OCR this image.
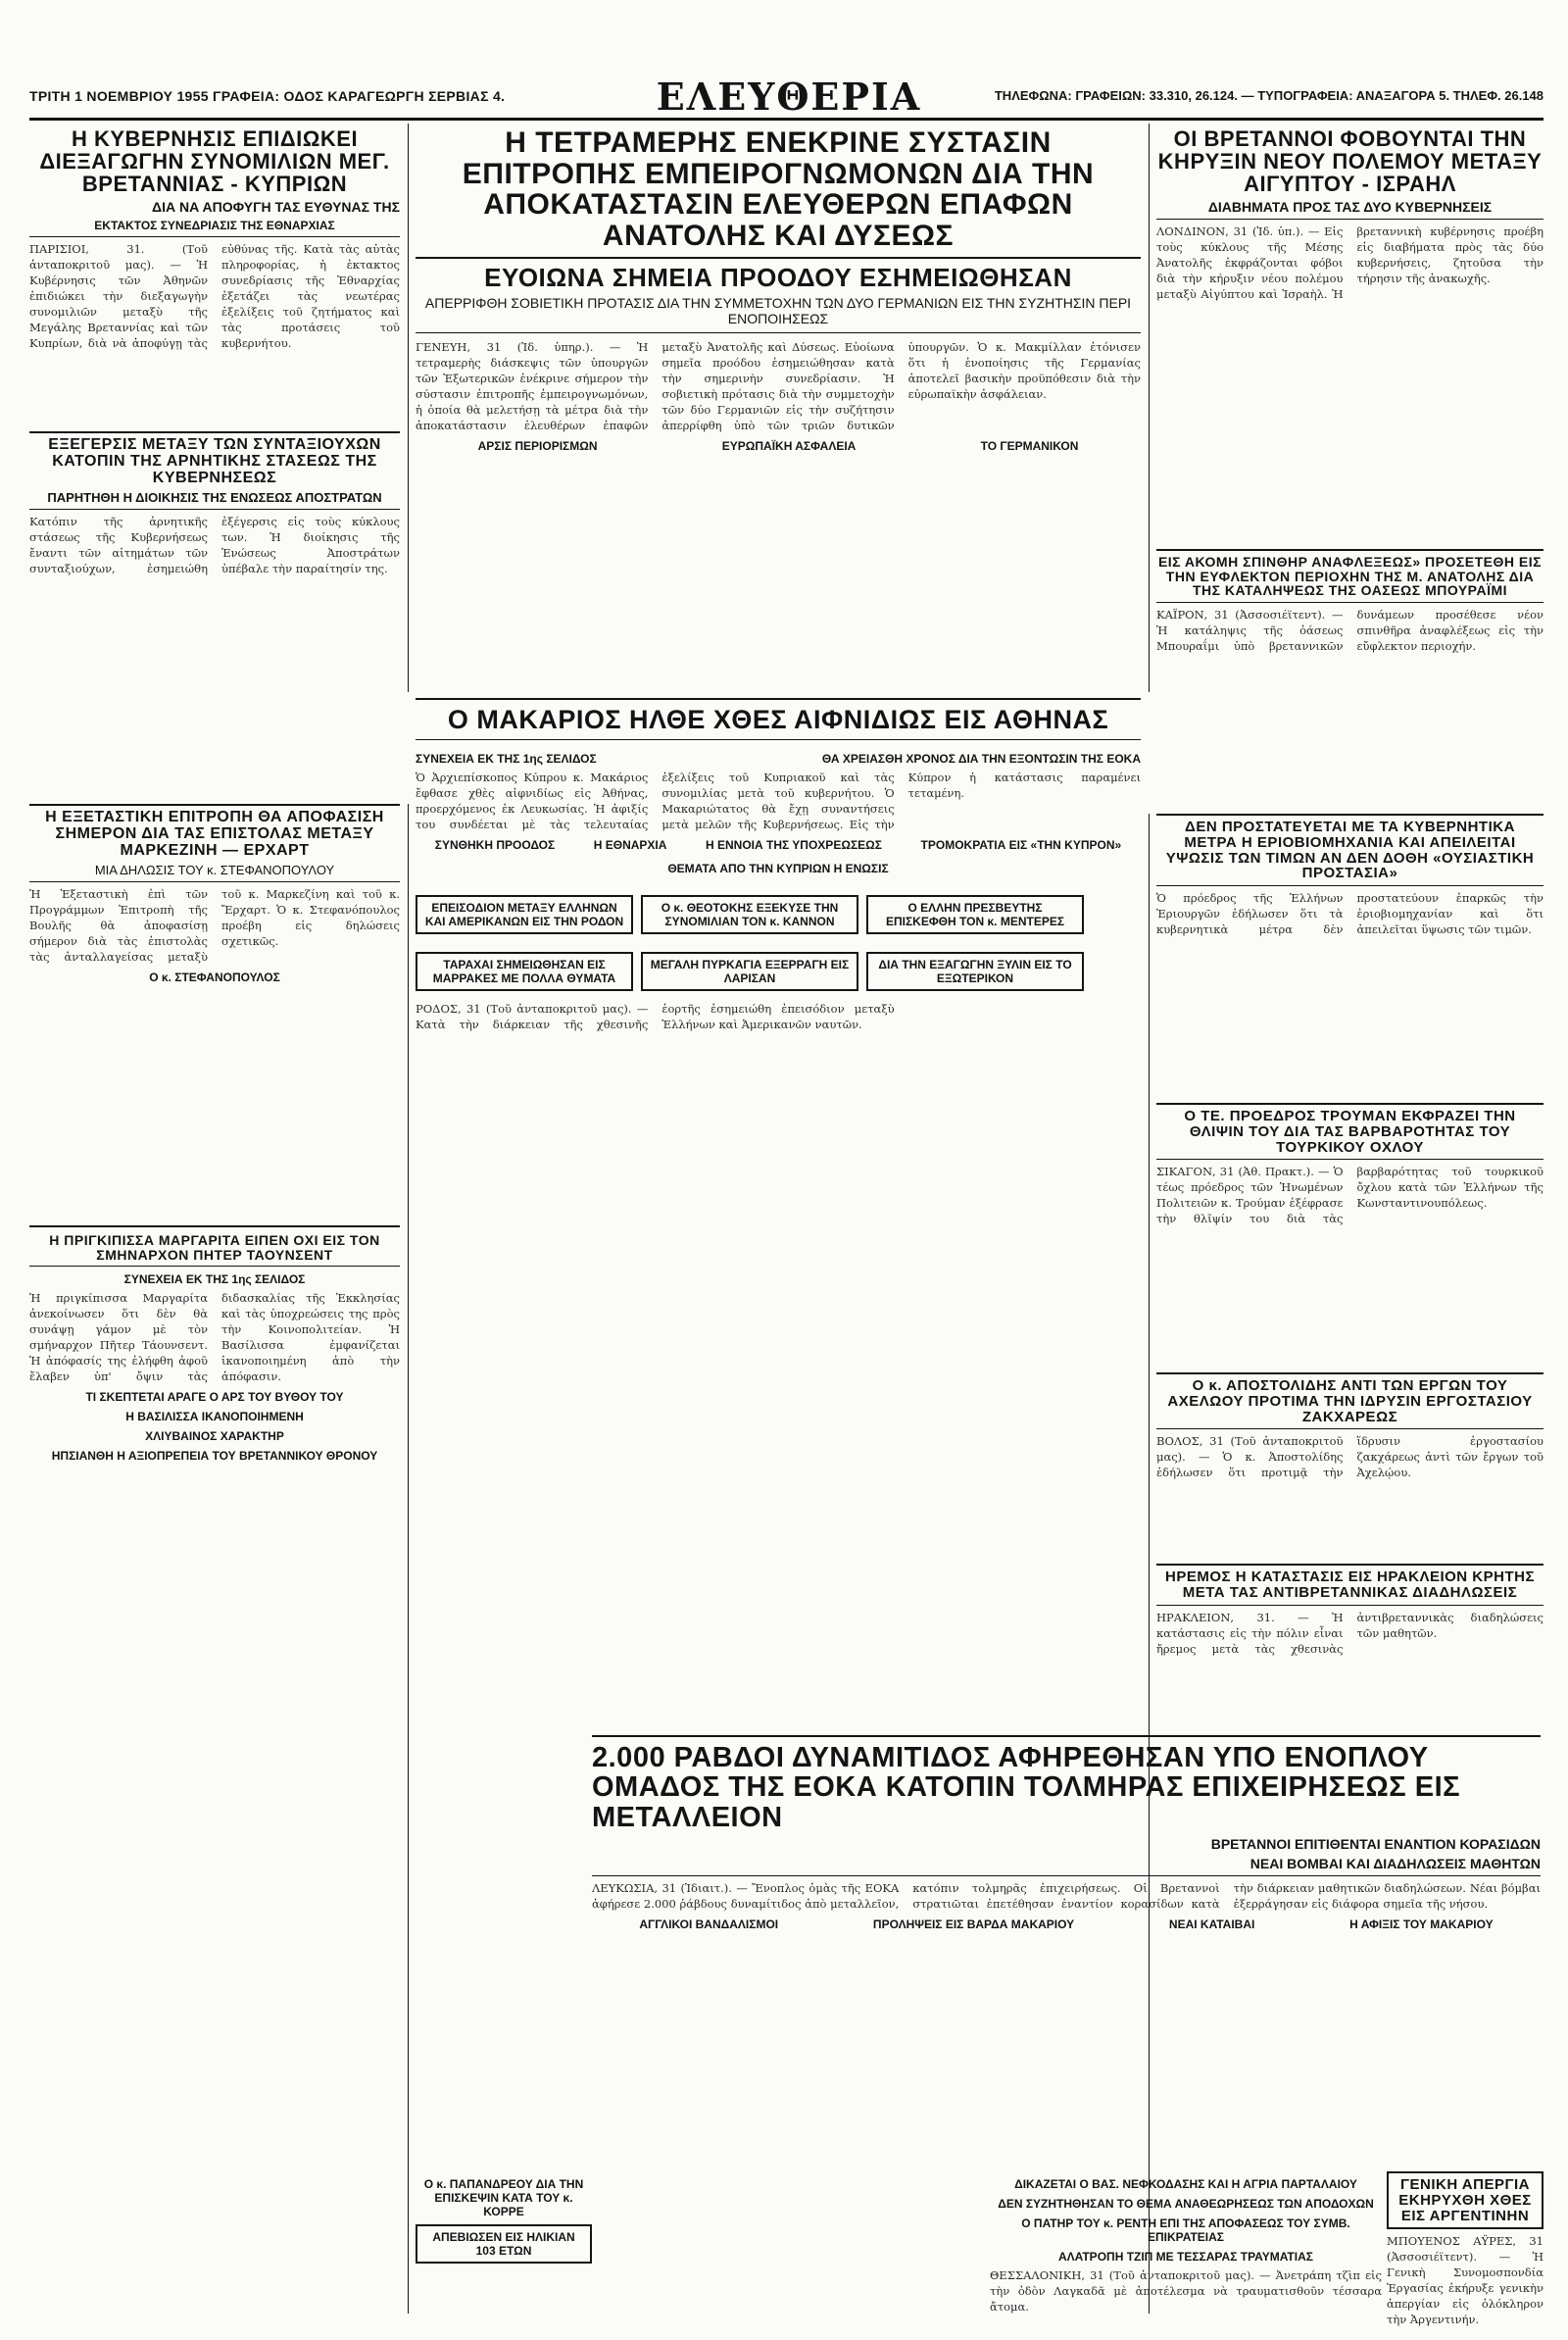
ΤΡΙΤΗ 1 ΝΟΕΜΒΡΙΟΥ 1955 ΓΡΑΦΕΙΑ: ΟΔΟΣ ΚΑΡΑΓΕΩΡΓΗ ΣΕΡΒΙΑΣ 4.	ΕΛΕΥΘΕΡΙΑ	ΤΗΛΕΦΩΝΑ: ΓΡΑΦΕΙΩΝ: 33.310, 26.124. — ΤΥΠΟΓΡΑΦΕΙΑ: ΑΝΑΞΑΓΟΡΑ 5. ΤΗΛΕΦ. 26.148
Η ΚΥΒΕΡΝΗΣΙΣ ΕΠΙΔΙΩΚΕΙ ΔΙΕΞΑΓΩΓΗΝ ΣΥΝΟΜΙΛΙΩΝ ΜΕΓ. ΒΡΕΤΑΝΝΙΑΣ - ΚΥΠΡΙΩΝ
ΔΙΑ ΝΑ ΑΠΟΦΥΓΗ ΤΑΣ ΕΥΘΥΝΑΣ ΤΗΣ
ΕΚΤΑΚΤΟΣ ΣΥΝΕΔΡΙΑΣΙΣ ΤΗΣ ΕΘΝΑΡΧΙΑΣ
ΠΑΡΙΣΙΟΙ, 31. (Τοῦ ἀνταποκριτοῦ μας). — Ἡ Κυβέρνησις τῶν Ἀθηνῶν ἐπιδιώκει τὴν διεξαγωγὴν συνομιλιῶν μεταξὺ τῆς Μεγάλης Βρεταννίας καὶ τῶν Κυπρίων, διὰ νὰ ἀποφύγῃ τὰς εὐθύνας τῆς. Κατὰ τὰς αὐτὰς πληροφορίας, ἡ ἐκτακτος συνεδρίασις τῆς Ἐθναρχίας ἐξετάζει τὰς νεωτέρας ἐξελίξεις τοῦ ζητήματος καὶ τὰς προτάσεις τοῦ κυβερνήτου.
ΕΞΕΓΕΡΣΙΣ ΜΕΤΑΞΥ ΤΩΝ ΣΥΝΤΑΞΙΟΥΧΩΝ ΚΑΤΟΠΙΝ ΤΗΣ ΑΡΝΗΤΙΚΗΣ ΣΤΑΣΕΩΣ ΤΗΣ ΚΥΒΕΡΝΗΣΕΩΣ
ΠΑΡΗΤΗΘΗ Η ΔΙΟΙΚΗΣΙΣ ΤΗΣ ΕΝΩΣΕΩΣ ΑΠΟΣΤΡΑΤΩΝ
Κατόπιν τῆς ἀρνητικῆς στάσεως τῆς Κυβερνήσεως ἔναντι τῶν αἰτημάτων τῶν συνταξιούχων, ἐσημειώθη ἐξέγερσις εἰς τοὺς κύκλους των. Ἡ διοίκησις τῆς Ἑνώσεως Ἀποστράτων ὑπέβαλε τὴν παραίτησίν της.
Η ΕΞΕΤΑΣΤΙΚΗ ΕΠΙΤΡΟΠΗ ΘΑ ΑΠΟΦΑΣΙΣΗ ΣΗΜΕΡΟΝ ΔΙΑ ΤΑΣ ΕΠΙΣΤΟΛΑΣ ΜΕΤΑΞΥ ΜΑΡΚΕΖΙΝΗ — ΕΡΧΑΡΤ
ΜΙΑ ΔΗΛΩΣΙΣ ΤΟΥ κ. ΣΤΕΦΑΝΟΠΟΥΛΟΥ
Ἡ Ἐξεταστικὴ ἐπὶ τῶν Προγράμμων Ἐπιτροπὴ τῆς Βουλῆς θὰ ἀποφασίσῃ σήμερον διὰ τὰς ἐπιστολὰς τὰς ἀνταλλαγείσας μεταξὺ τοῦ κ. Μαρκεζίνη καὶ τοῦ κ. Ἔρχαρτ. Ὁ κ. Στεφανόπουλος προέβη εἰς δηλώσεις σχετικῶς.
Ο κ. ΣΤΕΦΑΝΟΠΟΥΛΟΣ
Η ΠΡΙΓΚΙΠΙΣΣΑ ΜΑΡΓΑΡΙΤΑ ΕΙΠΕΝ ΟΧΙ ΕΙΣ ΤΟΝ ΣΜΗΝΑΡΧΟΝ ΠΗΤΕΡ ΤΑΟΥΝΣΕΝΤ
ΣΥΝΕΧΕΙΑ ΕΚ ΤΗΣ 1ης ΣΕΛΙΔΟΣ
Ἡ πριγκίπισσα Μαργαρίτα ἀνεκοίνωσεν ὅτι δὲν θὰ συνάψῃ γάμον μὲ τὸν σμήναρχον Πῆτερ Τάουνσεντ. Ἡ ἀπόφασίς της ἐλήφθη ἀφοῦ ἔλαβεν ὑπ' ὄψιν τὰς διδασκαλίας τῆς Ἐκκλησίας καὶ τὰς ὑποχρεώσεις της πρὸς τὴν Κοινοπολιτείαν. Ἡ Βασίλισσα ἐμφανίζεται ἱκανοποιημένη ἀπὸ τὴν ἀπόφασιν.
ΤΙ ΣΚΕΠΤΕΤΑΙ ΑΡΑΓΕ Ο ΑΡΣ ΤΟΥ ΒΥΘΟΥ ΤΟΥ
Η ΒΑΣΙΛΙΣΣΑ ΙΚΑΝΟΠΟΙΗΜΕΝΗ
ΧΛΙΥΒΑΙΝΟΣ ΧΑΡΑΚΤΗΡ
ΗΠΣΙΑΝΘΗ Η ΑΞΙΟΠΡΕΠΕΙΑ ΤΟΥ ΒΡΕΤΑΝΝΙΚΟΥ ΘΡΟΝΟΥ
Η ΤΕΤΡΑΜΕΡΗΣ ΕΝΕΚΡΙΝΕ ΣΥΣΤΑΣΙΝ ΕΠΙΤΡΟΠΗΣ ΕΜΠΕΙΡΟΓΝΩΜΟΝΩΝ ΔΙΑ ΤΗΝ ΑΠΟΚΑΤΑΣΤΑΣΙΝ ΕΛΕΥΘΕΡΩΝ ΕΠΑΦΩΝ ΑΝΑΤΟΛΗΣ ΚΑΙ ΔΥΣΕΩΣ
ΕΥΟΙΩΝΑ ΣΗΜΕΙΑ ΠΡΟΟΔΟΥ ΕΣΗΜΕΙΩΘΗΣΑΝ
ΑΠΕΡΡΙΦΘΗ ΣΟΒΙΕΤΙΚΗ ΠΡΟΤΑΣΙΣ ΔΙΑ ΤΗΝ ΣΥΜΜΕΤΟΧΗΝ ΤΩΝ ΔΥΟ ΓΕΡΜΑΝΙΩΝ ΕΙΣ ΤΗΝ ΣΥΖΗΤΗΣΙΝ ΠΕΡΙ ΕΝΟΠΟΙΗΣΕΩΣ
ΓΕΝΕΥΗ, 31 (Ἰδ. ὑπηρ.). — Ἡ τετραμερὴς διάσκεψις τῶν ὑπουργῶν τῶν Ἐξωτερικῶν ἐνέκρινε σήμερον τὴν σύστασιν ἐπιτροπῆς ἐμπειρογνωμόνων, ἡ ὁποία θὰ μελετήσῃ τὰ μέτρα διὰ τὴν ἀποκατάστασιν ἐλευθέρων ἐπαφῶν μεταξὺ Ἀνατολῆς καὶ Δύσεως. Εὐοίωνα σημεῖα προόδου ἐσημειώθησαν κατὰ τὴν σημερινὴν συνεδρίασιν. Ἡ σοβιετικὴ πρότασις διὰ τὴν συμμετοχὴν τῶν δύο Γερμανιῶν εἰς τὴν συζήτησιν ἀπερρίφθη ὑπὸ τῶν τριῶν δυτικῶν ὑπουργῶν. Ὁ κ. Μακμίλλαν ἐτόνισεν ὅτι ἡ ἑνοποίησις τῆς Γερμανίας ἀποτελεῖ βασικὴν προϋπόθεσιν διὰ τὴν εὐρωπαϊκὴν ἀσφάλειαν.
ΑΡΣΙΣ ΠΕΡΙΟΡΙΣΜΩΝ	ΕΥΡΩΠΑΪΚΗ ΑΣΦΑΛΕΙΑ	ΤΟ ΓΕΡΜΑΝΙΚΟΝ
ΟΙ ΒΡΕΤΑΝΝΟΙ ΦΟΒΟΥΝΤΑΙ ΤΗΝ ΚΗΡΥΞΙΝ ΝΕΟΥ ΠΟΛΕΜΟΥ ΜΕΤΑΞΥ ΑΙΓΥΠΤΟΥ - ΙΣΡΑΗΛ
ΔΙΑΒΗΜΑΤΑ ΠΡΟΣ ΤΑΣ ΔΥΟ ΚΥΒΕΡΝΗΣΕΙΣ
ΛΟΝΔΙΝΟΝ, 31 (Ἰδ. ὑπ.). — Εἰς τοὺς κύκλους τῆς Μέσης Ἀνατολῆς ἐκφράζονται φόβοι διὰ τὴν κήρυξιν νέου πολέμου μεταξὺ Αἰγύπτου καὶ Ἰσραὴλ. Ἡ βρεταννικὴ κυβέρνησις προέβη εἰς διαβήματα πρὸς τὰς δύο κυβερνήσεις, ζητοῦσα τὴν τήρησιν τῆς ἀνακωχῆς.
ΕΙΣ ΑΚΟΜΗ ΣΠΙΝΘΗΡ ΑΝΑΦΛΕΞΕΩΣ» ΠΡΟΣΕΤΕΘΗ ΕΙΣ ΤΗΝ ΕΥΦΛΕΚΤΟΝ ΠΕΡΙΟΧΗΝ ΤΗΣ Μ. ΑΝΑΤΟΛΗΣ ΔΙΑ ΤΗΣ ΚΑΤΑΛΗΨΕΩΣ ΤΗΣ ΟΑΣΕΩΣ ΜΠΟΥΡΑΪΜΙ
ΚΑΪΡΟΝ, 31 (Ἀσσοσιέϊτεντ). — Ἡ κατάληψις τῆς ὀάσεως Μπουραΐμι ὑπὸ βρεταννικῶν δυνάμεων προσέθεσε νέον σπινθῆρα ἀναφλέξεως εἰς τὴν εὔφλεκτον περιοχήν.
Ο ΜΑΚΑΡΙΟΣ ΗΛΘΕ ΧΘΕΣ ΑΙΦΝΙΔΙΩΣ ΕΙΣ ΑΘΗΝΑΣ
ΣΥΝΕΧΕΙΑ ΕΚ ΤΗΣ 1ης ΣΕΛΙΔΟΣ	ΘΑ ΧΡΕΙΑΣΘΗ ΧΡΟΝΟΣ ΔΙΑ ΤΗΝ ΕΞΟΝΤΩΣΙΝ ΤΗΣ ΕΟΚΑ
Ὁ Ἀρχιεπίσκοπος Κύπρου κ. Μακάριος ἔφθασε χθὲς αἰφνιδίως εἰς Ἀθήνας, προερχόμενος ἐκ Λευκωσίας. Ἡ ἀφιξίς του συνδέεται μὲ τὰς τελευταίας ἐξελίξεις τοῦ Κυπριακοῦ καὶ τὰς συνομιλίας μετὰ τοῦ κυβερνήτου. Ὁ Μακαριώτατος θὰ ἔχῃ συναντήσεις μετὰ μελῶν τῆς Κυβερνήσεως. Εἰς τὴν Κύπρον ἡ κατάστασις παραμένει τεταμένη.
ΣΥΝΘΗΚΗ ΠΡΟΟΔΟΣ	Η ΕΘΝΑΡΧΙΑ	Η ΕΝΝΟΙΑ ΤΗΣ ΥΠΟΧΡΕΩΣΕΩΣ	ΤΡΟΜΟΚΡΑΤΙΑ ΕΙΣ «ΤΗΝ ΚΥΠΡΟΝ»
ΘΕΜΑΤΑ ΑΠΟ ΤΗΝ ΚΥΠΡΙΩΝ Η ΕΝΩΣΙΣ
ΕΠΕΙΣΟΔΙΟΝ ΜΕΤΑΞΥ ΕΛΛΗΝΩΝ ΚΑΙ ΑΜΕΡΙΚΑΝΩΝ ΕΙΣ ΤΗΝ ΡΟΔΟΝ
Ο κ. ΘΕΟΤΟΚΗΣ ΕΞΕΚΥΣΕ ΤΗΝ ΣΥΝΟΜΙΛΙΑΝ ΤΟΝ κ. ΚΑΝΝΟΝ
Ο ΕΛΛΗΝ ΠΡΕΣΒΕΥΤΗΣ ΕΠΙΣΚΕΦΘΗ ΤΟΝ κ. ΜΕΝΤΕΡΕΣ
ΤΑΡΑΧΑΙ ΣΗΜΕΙΩΘΗΣΑΝ ΕΙΣ ΜΑΡΡΑΚΕΣ ΜΕ ΠΟΛΛΑ ΘΥΜΑΤΑ
ΜΕΓΑΛΗ ΠΥΡΚΑΓΙΑ ΕΞΕΡΡΑΓΗ ΕΙΣ ΛΑΡΙΣΑΝ
ΔΙΑ ΤΗΝ ΕΞΑΓΩΓΗΝ ΞΥΛΙΝ ΕΙΣ ΤΟ ΕΞΩΤΕΡΙΚΟΝ
ΡΟΔΟΣ, 31 (Τοῦ ἀνταποκριτοῦ μας). — Κατὰ τὴν διάρκειαν τῆς χθεσινῆς ἑορτῆς ἐσημειώθη ἐπεισόδιον μεταξὺ Ἑλλήνων καὶ Ἀμερικανῶν ναυτῶν.
ΔΕΝ ΠΡΟΣΤΑΤΕΥΕΤΑΙ ΜΕ ΤΑ ΚΥΒΕΡΝΗΤΙΚΑ ΜΕΤΡΑ Η ΕΡΙΟΒΙΟΜΗΧΑΝΙΑ ΚΑΙ ΑΠΕΙΛΕΙΤΑΙ ΥΨΩΣΙΣ ΤΩΝ ΤΙΜΩΝ ΑΝ ΔΕΝ ΔΟΘΗ «ΟΥΣΙΑΣΤΙΚΗ ΠΡΟΣΤΑΣΙΑ»
Ὁ πρόεδρος τῆς Ἑλλήνων Ἐριουργῶν ἐδήλωσεν ὅτι τὰ κυβερνητικὰ μέτρα δὲν προστατεύουν ἐπαρκῶς τὴν ἐριοβιομηχανίαν καὶ ὅτι ἀπειλεῖται ὕψωσις τῶν τιμῶν.
Ο ΤΕ. ΠΡΟΕΔΡΟΣ ΤΡΟΥΜΑΝ ΕΚΦΡΑΖΕΙ ΤΗΝ ΘΛΙΨΙΝ ΤΟΥ ΔΙΑ ΤΑΣ ΒΑΡΒΑΡΟΤΗΤΑΣ ΤΟΥ ΤΟΥΡΚΙΚΟΥ ΟΧΛΟΥ
ΣΙΚΑΓΟΝ, 31 (Ἀθ. Πρακτ.). — Ὁ τέως πρόεδρος τῶν Ἡνωμένων Πολιτειῶν κ. Τρούμαν ἐξέφρασε τὴν θλῖψίν του διὰ τὰς βαρβαρότητας τοῦ τουρκικοῦ ὄχλου κατὰ τῶν Ἑλλήνων τῆς Κωνσταντινουπόλεως.
Ο κ. ΑΠΟΣΤΟΛΙΔΗΣ ΑΝΤΙ ΤΩΝ ΕΡΓΩΝ ΤΟΥ ΑΧΕΛΩΟΥ ΠΡΟΤΙΜΑ ΤΗΝ ΙΔΡΥΣΙΝ ΕΡΓΟΣΤΑΣΙΟΥ ΖΑΚΧΑΡΕΩΣ
ΒΟΛΟΣ, 31 (Τοῦ ἀνταποκριτοῦ μας). — Ὁ κ. Ἀποστολίδης ἐδήλωσεν ὅτι προτιμᾷ τὴν ἵδρυσιν ἐργοστασίου ζακχάρεως ἀντὶ τῶν ἔργων τοῦ Ἀχελῴου.
ΗΡΕΜΟΣ Η ΚΑΤΑΣΤΑΣΙΣ ΕΙΣ ΗΡΑΚΛΕΙΟΝ ΚΡΗΤΗΣ ΜΕΤΑ ΤΑΣ ΑΝΤΙΒΡΕΤΑΝΝΙΚΑΣ ΔΙΑΔΗΛΩΣΕΙΣ
ΗΡΑΚΛΕΙΟΝ, 31. — Ἡ κατάστασις εἰς τὴν πόλιν εἶναι ἤρεμος μετὰ τὰς χθεσινὰς ἀντιβρεταννικὰς διαδηλώσεις τῶν μαθητῶν.
2.000 ΡΑΒΔΟΙ ΔΥΝΑΜΙΤΙΔΟΣ ΑΦΗΡΕΘΗΣΑΝ ΥΠΟ ΕΝΟΠΛΟΥ ΟΜΑΔΟΣ ΤΗΣ ΕΟΚΑ ΚΑΤΟΠΙΝ ΤΟΛΜΗΡΑΣ ΕΠΙΧΕΙΡΗΣΕΩΣ ΕΙΣ ΜΕΤΑΛΛΕΙΟΝ
ΒΡΕΤΑΝΝΟΙ ΕΠΙΤΙΘΕΝΤΑΙ ΕΝΑΝΤΙΟΝ ΚΟΡΑΣΙΔΩΝ
ΝΕΑΙ ΒΟΜΒΑΙ ΚΑΙ ΔΙΑΔΗΛΩΣΕΙΣ ΜΑΘΗΤΩΝ
ΛΕΥΚΩΣΙΑ, 31 (Ἰδιαιτ.). — Ἔνοπλος ὁμὰς τῆς ΕΟΚΑ ἀφήρεσε 2.000 ῥάβδους δυναμίτιδος ἀπὸ μεταλλεῖον, κατόπιν τολμηρᾶς ἐπιχειρήσεως. Οἱ Βρεταννοὶ στρατιῶται ἐπετέθησαν ἐναντίον κορασίδων κατὰ τὴν διάρκειαν μαθητικῶν διαδηλώσεων. Νέαι βόμβαι ἐξερράγησαν εἰς διάφορα σημεῖα τῆς νήσου.
ΑΓΓΛΙΚΟΙ ΒΑΝΔΑΛΙΣΜΟΙ	ΠΡΟΛΗΨΕΙΣ ΕΙΣ ΒΑΡΔΑ ΜΑΚΑΡΙΟΥ	ΝΕΑΙ ΚΑΤΑΙΒΑΙ	Η ΑΦΙΞΙΣ ΤΟΥ ΜΑΚΑΡΙΟΥ
ΔΙΚΑΖΕΤΑΙ Ο ΒΑΣ. ΝΕΦΚΟΔΑΣΗΣ ΚΑΙ Η ΑΓΡΙΑ ΠΑΡΤΑΛΑΙΟΥ
ΔΕΝ ΣΥΖΗΤΗΘΗΣΑΝ ΤΟ ΘΕΜΑ ΑΝΑΘΕΩΡΗΣΕΩΣ ΤΩΝ ΑΠΟΔΟΧΩΝ
Ο ΠΑΤΗΡ ΤΟΥ κ. ΡΕΝΤΗ ΕΠΙ ΤΗΣ ΑΠΟΦΑΣΕΩΣ ΤΟΥ ΣΥΜΒ. ΕΠΙΚΡΑΤΕΙΑΣ
ΑΛΑΤΡΟΠΗ ΤΖΙΠ ΜΕ ΤΕΣΣΑΡΑΣ ΤΡΑΥΜΑΤΙΑΣ
ΘΕΣΣΑΛΟΝΙΚΗ, 31 (Τοῦ ἀνταποκριτοῦ μας). — Ἀνετράπη τζὶπ εἰς τὴν ὁδὸν Λαγκαδᾶ μὲ ἀποτέλεσμα νὰ τραυματισθοῦν τέσσαρα ἄτομα.
Ο κ. ΠΑΠΑΝΔΡΕΟΥ ΔΙΑ ΤΗΝ ΕΠΙΣΚΕΨΙΝ ΚΑΤΑ ΤΟΥ κ. ΚΟΡΡΕ
ΑΠΕΒΙΩΣΕΝ ΕΙΣ ΗΛΙΚΙΑΝ 103 ΕΤΩΝ
ΓΕΝΙΚΗ ΑΠΕΡΓΙΑ ΕΚΗΡΥΧΘΗ ΧΘΕΣ ΕΙΣ ΑΡΓΕΝΤΙΝΗΝ
ΜΠΟΥΕΝΟΣ ΑΫΡΕΣ, 31 (Ἀσσοσιέϊτεντ). — Ἡ Γενικὴ Συνομοσπονδία Ἐργασίας ἐκήρυξε γενικὴν ἀπεργίαν εἰς ὁλόκληρον τὴν Ἀργεντινήν.
